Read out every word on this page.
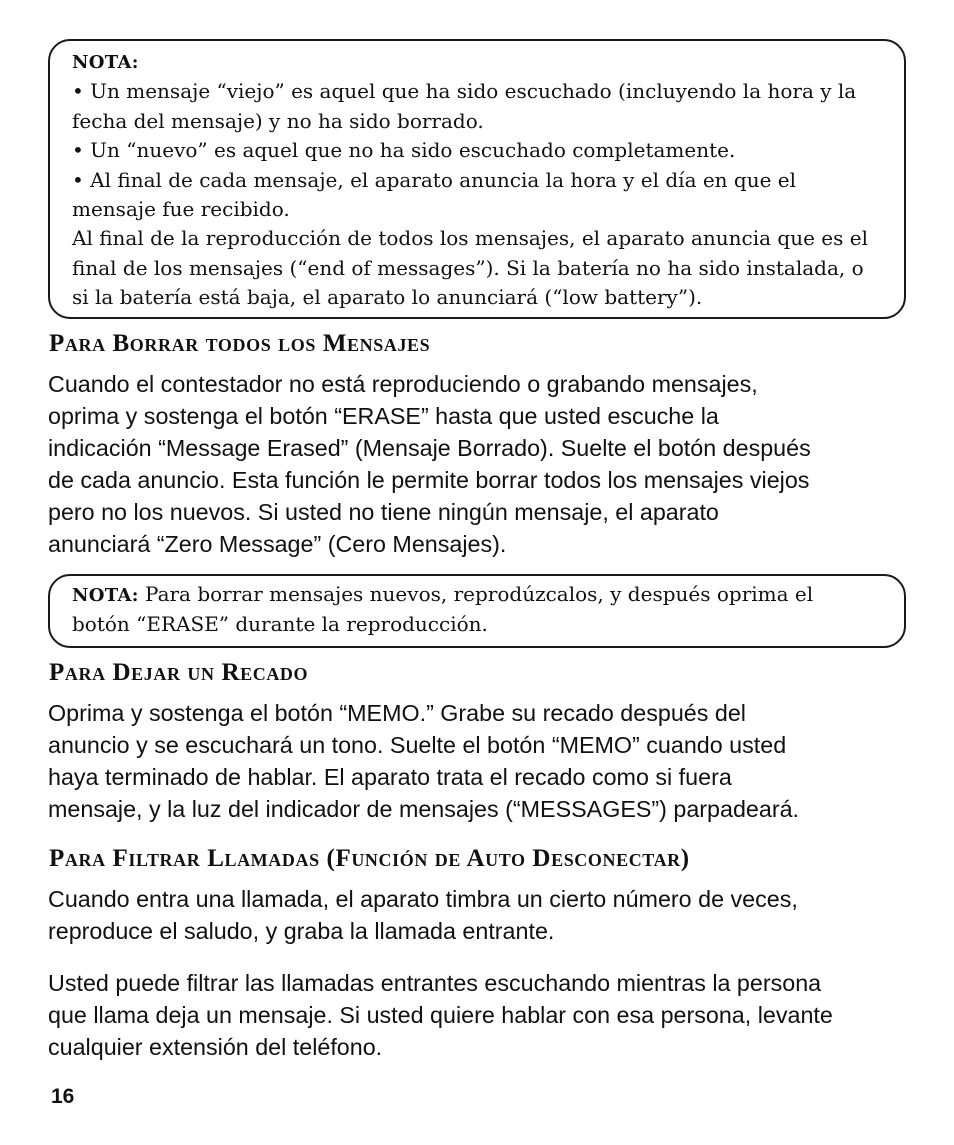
NOTA:
• Un mensaje “viejo” es aquel que ha sido escuchado (incluyendo la hora y la
fecha del mensaje) y no ha sido borrado.
• Un “nuevo” es aquel que no ha sido escuchado completamente.
• Al final de cada mensaje, el aparato anuncia la hora y el día en que el
mensaje fue recibido.
Al final de la reproducción de todos los mensajes, el aparato anuncia que es el
final de los mensajes (“end of messages”). Si la batería no ha sido instalada, o
si la batería está baja, el aparato lo anunciará (“low battery”).
Para Borrar todos los Mensajes

Cuando el contestador no está reproduciendo o grabando mensajes,
oprima y sostenga el botón “ERASE” hasta que usted escuche la
indicación “Message Erased” (Mensaje Borrado). Suelte el botón después
de cada anuncio. Esta función le permite borrar todos los mensajes viejos
pero no los nuevos. Si usted no tiene ningún mensaje, el aparato
anunciará “Zero Message” (Cero Mensajes).

NOTA: Para borrar mensajes nuevos, reprodúzcalos, y después oprima el
botón “ERASE” durante la reproducción.
Para Dejar un Recado

Oprima y sostenga el botón “MEMO.” Grabe su recado después del
anuncio y se escuchará un tono. Suelte el botón “MEMO” cuando usted
haya terminado de hablar. El aparato trata el recado como si fuera
mensaje, y la luz del indicador de mensajes (“MESSAGES”) parpadeará.

Para Filtrar Llamadas (Función de Auto Desconectar)

Cuando entra una llamada, el aparato timbra un cierto número de veces,
reproduce el saludo, y graba la llamada entrante.

Usted puede filtrar las llamadas entrantes escuchando mientras la persona
que llama deja un mensaje. Si usted quiere hablar con esa persona, levante
cualquier extensión del teléfono.

16
